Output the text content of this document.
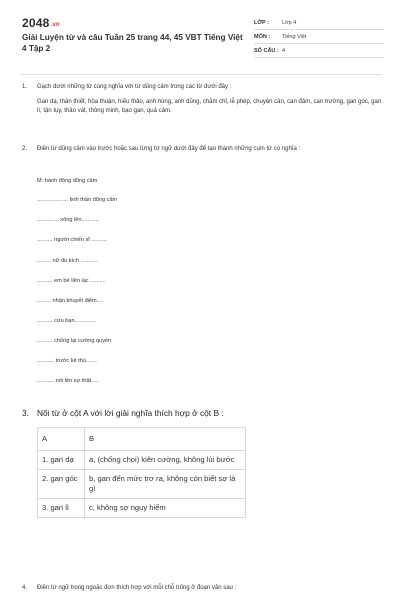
2048.vn
Giải Luyện từ và câu Tuần 25 trang 44, 45 VBT Tiếng Việt 4 Tập 2
LỚP :	Lớp 4
MÔN :	Tiếng Việt
SỐ CÂU : 4
1. Gạch dưới những từ cùng nghĩa với từ dũng cảm trong các từ dưới đây :
Gan dạ, thân thiết, hòa thuận, hiếu thảo, anh hùng, anh dũng, chăm chỉ, lễ phép, chuyên cần, can đảm, can trường, gan góc, gan lì, tận tụy, thảo vát, thông minh, bạo gan, quả cảm.
2. Điền từ dũng cảm vào trước hoặc sau từng từ ngữ dưới đây để tạo thành những cụm từ có nghĩa :
M: hành động dũng cảm
.................... tinh thần dũng cảm
.............. xông lên...........
.......... người chiến sĩ ..........
......... nữ du kích ...........
.......... em bé liên lạc ..........
......... nhận khuyết điểm....
.......... cứu bạn..............
.......... chống lại cường quyền
........... trước kẻ thù.......
........... nói lên sự thật.....
3. Nối từ ở cột A với lời giải nghĩa thích hợp ở cột B :
A	B
1. gan dạ	a, (chống chọi) kiên cường, không lùi bước
2. gan góc	b, gan đến mức trơ ra, không còn biết sợ là gì
3. gan lì	c, không sợ nguy hiểm
4. Điền từ ngữ trong ngoặc đơn thích hợp với mỗi chỗ trống ở đoạn văn sau :
